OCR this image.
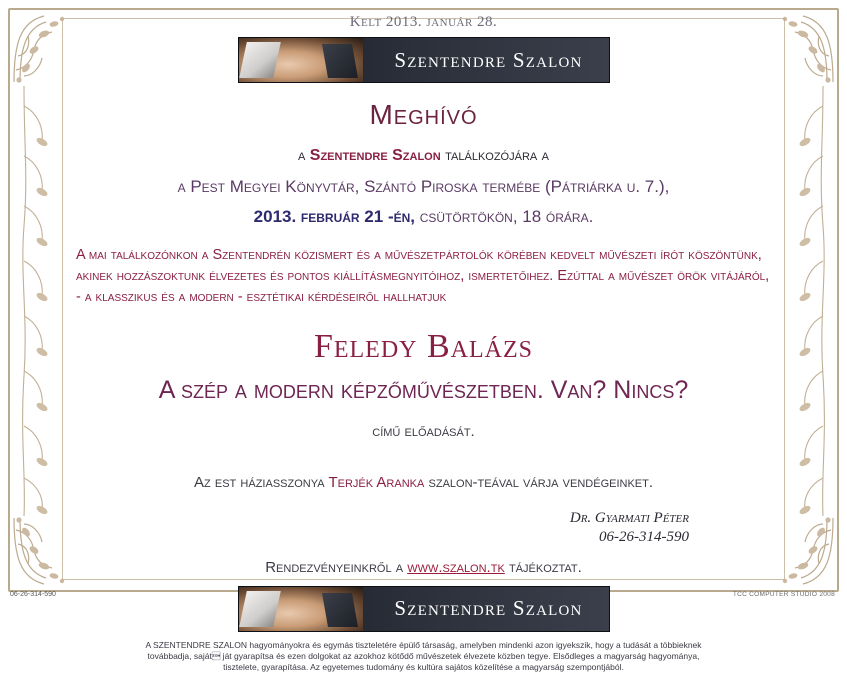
Kelt 2013. január 28.
Szentendre Szalon
Meghívó
a Szentendre Szalon találkozójára a
a Pest Megyei Könyvtár, Szántó Piroska termébe (Pátriárka u. 7.),
2013. február 21 -én, csütörtökön, 18 órára.
A mai találkozónkon a Szentendrén közismert és a művészetpártolók körében kedvelt művészeti írót köszöntünk, akinek hozzászoktunk élvezetes és pontos kiállításmegnyitóihoz, ismertetőihez. Ezúttal a művészet örök vitájáról, - a klasszikus és a modern - esztétikai kérdéseiről hallhatjuk
Feledy Balázs
A szép a modern képzőművészetben. Van? Nincs?
című előadását.
Az est háziasszonya Terjék Aranka szalon-teával várja vendégeinket.
Dr. Gyarmati Péter
06-26-314-590
Rendezvényeinkről a www.szalon.tk tájékoztat.
Szentendre Szalon
A SZENTENDRE SZALON hagyományokra és egymás tiszteletére épülő társaság, amelyben mindenki azon igyekszik, hogy a tudását a többieknek továbbadja, saját ját gyarapítsa és ezen dolgokat az azokhoz kötődő művészetek élvezete közben tegye. Elsődleges a magyarság hagyománya, tisztelete, gyarapítása. Az egyetemes tudomány és kultúra sajátos közelítése a magyarság szempontjából.
06-26-314-590	TCC COMPUTER STUDIO 2008
